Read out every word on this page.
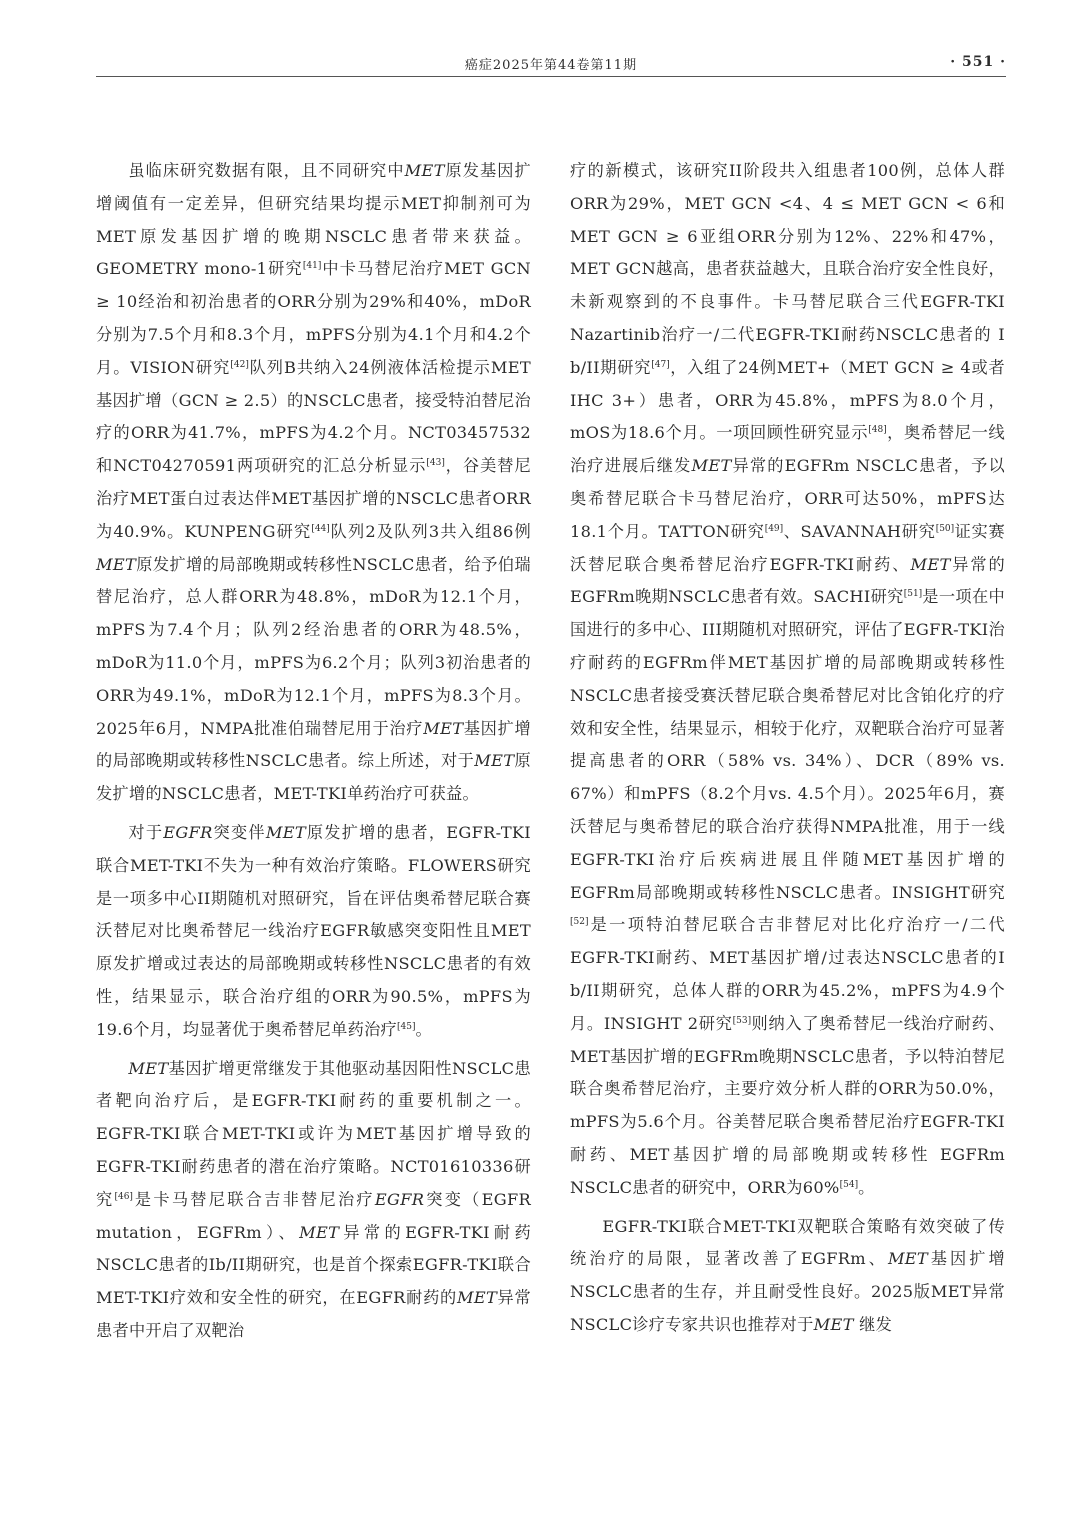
癌症2025年第44卷第11期	· 551 ·

虽临床研究数据有限，且不同研究中MET原发基因扩增阈值有一定差异，但研究结果均提示MET抑制剂可为MET原发基因扩增的晚期NSCLC患者带来获益。GEOMETRY mono-1研究[41]中卡马替尼治疗MET GCN ≥ 10经治和初治患者的ORR分别为29%和40%，mDoR分别为7.5个月和8.3个月，mPFS分别为4.1个月和4.2个月。VISION研究[42]队列B共纳入24例液体活检提示MET基因扩增（GCN ≥ 2.5）的NSCLC患者，接受特泊替尼治疗的ORR为41.7%，mPFS为4.2个月。NCT03457532和NCT04270591两项研究的汇总分析显示[43]，谷美替尼治疗MET蛋白过表达伴MET基因扩增的NSCLC患者ORR为40.9%。KUNPENG研究[44]队列2及队列3共入组86例MET原发扩增的局部晚期或转移性NSCLC患者，给予伯瑞替尼治疗，总人群ORR为48.8%，mDoR为12.1个月，mPFS为7.4个月；队列2经治患者的ORR为48.5%，mDoR为11.0个月，mPFS为6.2个月；队列3初治患者的ORR为49.1%，mDoR为12.1个月，mPFS为8.3个月。2025年6月，NMPA批准伯瑞替尼用于治疗MET基因扩增的局部晚期或转移性NSCLC患者。综上所述，对于MET原发扩增的NSCLC患者，MET-TKI单药治疗可获益。

对于EGFR突变伴MET原发扩增的患者，EGFR-TKI联合MET-TKI不失为一种有效治疗策略。FLOWERS研究是一项多中心II期随机对照研究，旨在评估奥希替尼联合赛沃替尼对比奥希替尼一线治疗EGFR敏感突变阳性且MET原发扩增或过表达的局部晚期或转移性NSCLC患者的有效性，结果显示，联合治疗组的ORR为90.5%，mPFS为19.6个月，均显著优于奥希替尼单药治疗[45]。

MET基因扩增更常继发于其他驱动基因阳性NSCLC患者靶向治疗后，是EGFR-TKI耐药的重要机制之一。EGFR-TKI联合MET-TKI或许为MET基因扩增导致的EGFR-TKI耐药患者的潜在治疗策略。NCT01610336研究[46]是卡马替尼联合吉非替尼治疗EGFR突变（EGFR mutation，EGFRm）、MET异常的EGFR-TKI耐药NSCLC患者的Ib/II期研究，也是首个探索EGFR-TKI联合MET-TKI疗效和安全性的研究，在EGFR耐药的MET异常患者中开启了双靶治

疗的新模式，该研究II阶段共入组患者100例，总体人群ORR为29%，MET GCN <4、4 ≤ MET GCN < 6和MET GCN ≥ 6亚组ORR分别为12%、22%和47%，MET GCN越高，患者获益越大，且联合治疗安全性良好，未新观察到的不良事件。卡马替尼联合三代EGFR-TKI Nazartinib治疗一/二代EGFR-TKI耐药NSCLC患者的 I b/II期研究[47]，入组了24例MET+（MET GCN ≥ 4或者IHC 3+）患者，ORR为45.8%，mPFS为8.0个月，mOS为18.6个月。一项回顾性研究显示[48]，奥希替尼一线治疗进展后继发MET异常的EGFRm NSCLC患者，予以奥希替尼联合卡马替尼治疗，ORR可达50%，mPFS达18.1个月。TATTON研究[49]、SAVANNAH研究[50]证实赛沃替尼联合奥希替尼治疗EGFR-TKI耐药、MET异常的EGFRm晚期NSCLC患者有效。SACHI研究[51]是一项在中国进行的多中心、III期随机对照研究，评估了EGFR-TKI治疗耐药的EGFRm伴MET基因扩增的局部晚期或转移性NSCLC患者接受赛沃替尼联合奥希替尼对比含铂化疗的疗效和安全性，结果显示，相较于化疗，双靶联合治疗可显著提高患者的ORR（58% vs. 34%）、DCR（89% vs. 67%）和mPFS（8.2个月vs. 4.5个月）。2025年6月，赛沃替尼与奥希替尼的联合治疗获得NMPA批准，用于一线EGFR-TKI治疗后疾病进展且伴随MET基因扩增的EGFRm局部晚期或转移性NSCLC患者。INSIGHT研究[52]是一项特泊替尼联合吉非替尼对比化疗治疗一/二代EGFR-TKI耐药、MET基因扩增/过表达NSCLC患者的I b/II期研究，总体人群的ORR为45.2%，mPFS为4.9个月。INSIGHT 2研究[53]则纳入了奥希替尼一线治疗耐药、MET基因扩增的EGFRm晚期NSCLC患者，予以特泊替尼联合奥希替尼治疗，主要疗效分析人群的ORR为50.0%，mPFS为5.6个月。谷美替尼联合奥希替尼治疗EGFR-TKI耐药、MET基因扩增的局部晚期或转移性 EGFRm NSCLC患者的研究中，ORR为60%[54]。

EGFR-TKI联合MET-TKI双靶联合策略有效突破了传统治疗的局限，显著改善了EGFRm、MET基因扩增NSCLC患者的生存，并且耐受性良好。2025版MET异常NSCLC诊疗专家共识也推荐对于MET 继发
